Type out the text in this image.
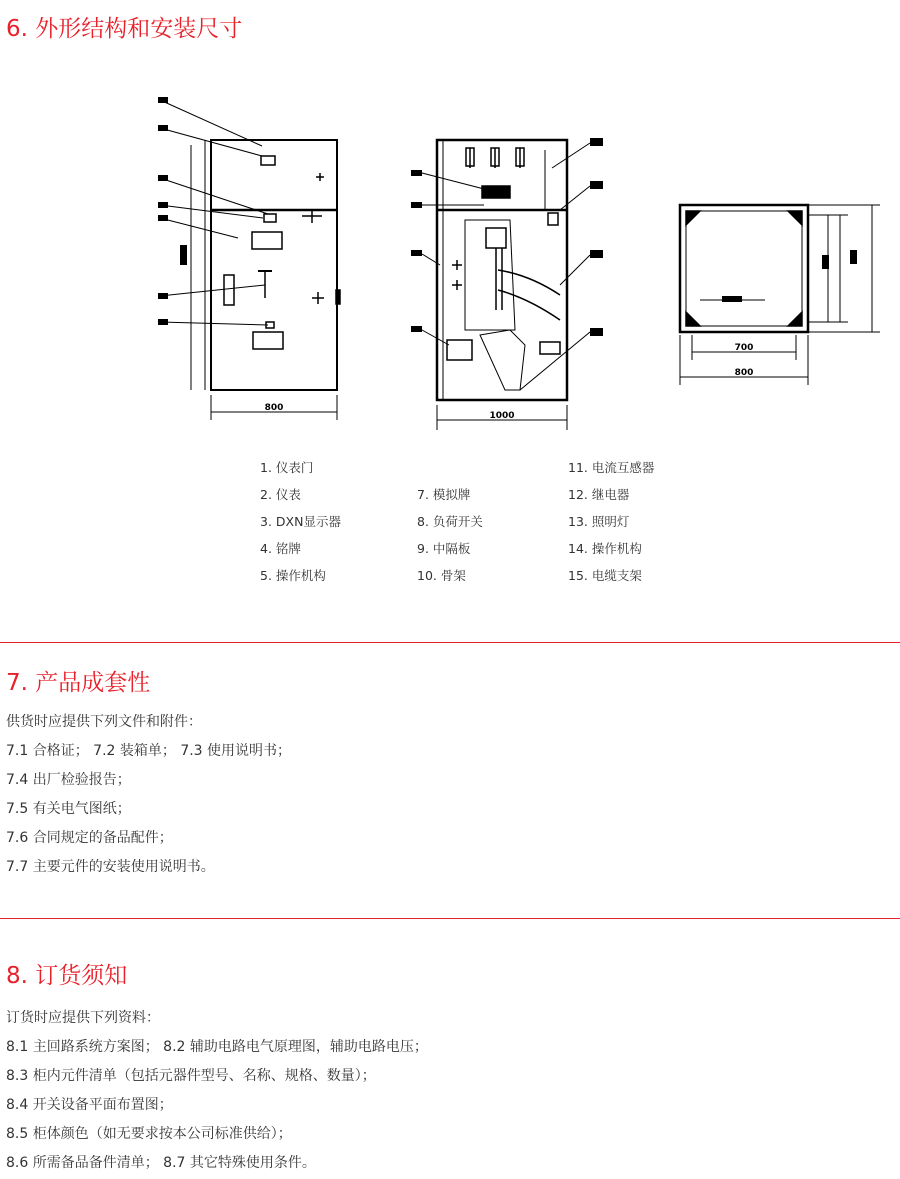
6. 外形结构和安装尺寸
7. 产品成套性
8. 订货须知
800
1000
700
800
1. 仪表门
2. 仪表
3. DXN显示器
4. 铭牌
5. 操作机构
7. 模拟牌
8. 负荷开关
9. 中隔板
10. 骨架
11. 电流互感器
12. 继电器
13. 照明灯
14. 操作机构
15. 电缆支架
供货时应提供下列文件和附件：
7.1 合格证； 7.2 装箱单； 7.3 使用说明书；
7.4 出厂检验报告；
7.5 有关电气图纸；
7.6 合同规定的备品配件；
7.7 主要元件的安装使用说明书。
订货时应提供下列资料：
8.1 主回路系统方案图； 8.2 辅助电路电气原理图，辅助电路电压；
8.3 柜内元件清单（包括元器件型号、名称、规格、数量）；
8.4 开关设备平面布置图；
8.5 柜体颜色（如无要求按本公司标准供给）；
8.6 所需备品备件清单； 8.7 其它特殊使用条件。
